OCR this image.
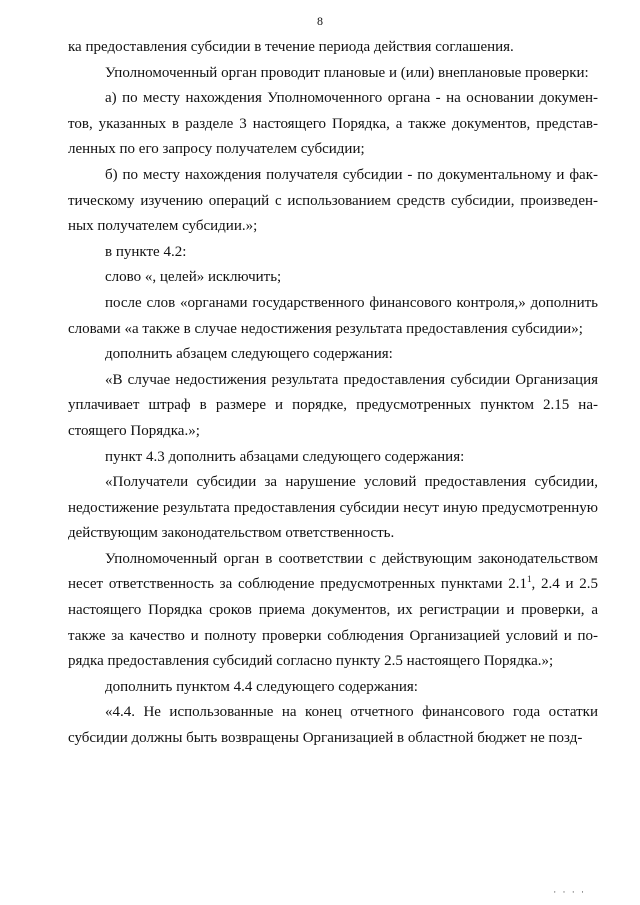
8

ка предоставления субсидии в течение периода действия соглашения.

Уполномоченный орган проводит плановые и (или) внеплановые проверки:

а) по месту нахождения Уполномоченного органа - на основании документов, указанных в разделе 3 настоящего Порядка, а также документов, представленных по его запросу получателем субсидии;

б) по месту нахождения получателя субсидии - по документальному и фактическому изучению операций с использованием средств субсидии, произведенных получателем субсидии.»;

в пункте 4.2:

слово «, целей» исключить;

после слов «органами государственного финансового контроля,» дополнить словами «а также в случае недостижения результата предоставления субсидии»;

дополнить абзацем следующего содержания:

«В случае недостижения результата предоставления субсидии Организация уплачивает штраф в размере и порядке, предусмотренных пунктом 2.15 настоящего Порядка.»;

пункт 4.3 дополнить абзацами следующего содержания:

«Получатели субсидии за нарушение условий предоставления субсидии, недостижение результата предоставления субсидии несут иную предусмотренную действующим законодательством ответственность.

Уполномоченный орган в соответствии с действующим законодательством несет ответственность за соблюдение предусмотренных пунктами $2.1^1$, 2.4 и 2.5 настоящего Порядка сроков приема документов, их регистрации и проверки, а также за качество и полноту проверки соблюдения Организацией условий и порядка предоставления субсидий согласно пункту 2.5 настоящего Порядка.»;

дополнить пунктом 4.4 следующего содержания:

«4.4. Не использованные на конец отчетного финансового года остатки субсидии должны быть возвращены Организацией в областной бюджет не позд-

· · · ·
